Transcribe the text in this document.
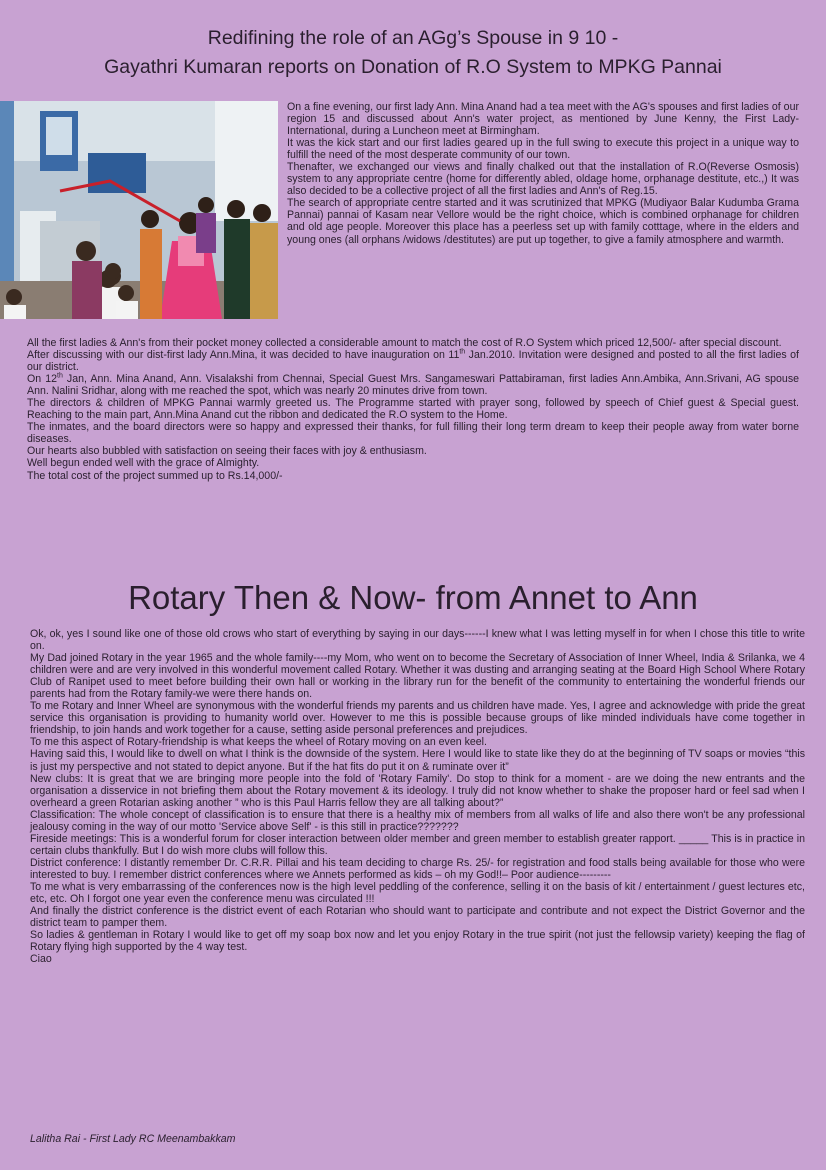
Redifining the role of an AGg’s Spouse in 9 10 -
Gayathri Kumaran reports on Donation of R.O System to MPKG Pannai

On a fine evening, our first lady Ann. Mina Anand had a tea meet with the AG's spouses and first ladies of our region 15 and discussed about Ann's water project, as mentioned by June Kenny, the First Lady-International, during a Luncheon meet at Birmingham.

It was the kick start and our first ladies geared up in the full swing to execute this project in a unique way to fulfill the need of the most desperate community of our town.

Thenafter, we exchanged our views and finally chalked out that the installation of R.O(Reverse Osmosis) system to any appropriate centre (home for differently abled, oldage home, orphanage destitute, etc.,) It was also decided to be a collective project of all the first ladies and Ann's of Reg.15.

The search of appropriate centre started and it was scrutinized that MPKG (Mudiyaor Balar Kudumba Grama Pannai) pannai of Kasam near Vellore would be the right choice, which is combined orphanage for children and old age people. Moreover this place has a peerless set up with family cotttage, where in the elders and young ones (all orphans /widows /destitutes) are put up together, to give a family atmosphere and warmth.

All the first ladies & Ann's from their pocket money collected a considerable amount to match the cost of R.O System which priced 12,500/- after special discount.

After discussing with our dist-first lady Ann.Mina, it was decided to have inauguration on 11th Jan.2010. Invitation were designed and posted to all the first ladies of our district.

On 12th Jan, Ann. Mina Anand, Ann. Visalakshi from Chennai, Special Guest Mrs. Sangameswari Pattabiraman, first ladies Ann.Ambika, Ann.Srivani, AG spouse Ann. Nalini Sridhar, along with me reached the spot, which was nearly 20 minutes drive from town.

The directors & children of MPKG Pannai warmly greeted us. The Programme started with prayer song, followed by speech of Chief guest & Special guest. Reaching to the main part, Ann.Mina Anand cut the ribbon and dedicated the R.O system to the Home.

The inmates, and the board directors were so happy and expressed their thanks, for full filling their long term dream to keep their people away from water borne diseases.

Our hearts also bubbled with satisfaction on seeing their faces with joy & enthusiasm.

Well begun ended well with the grace of Almighty.

The total cost of the project summed up to Rs.14,000/-

Rotary Then & Now- from Annet to Ann

Ok, ok, yes I sound like one of those old crows who start of everything by saying in our days------I knew what I was letting myself in for when I chose this title to write on.

My Dad joined Rotary in the year 1965 and the whole family----my Mom, who went on to become the Secretary of Association of Inner Wheel, India & Srilanka, we 4 children were and are very involved in this wonderful movement called Rotary. Whether it was dusting and arranging seating at the Board High School Where Rotary Club of Ranipet used to meet before building their own hall or working in the library run for the benefit of the community to entertaining the wonderful friends our parents had from the Rotary family-we were there hands on.

To me Rotary and Inner Wheel are synonymous with the wonderful friends my parents and us children have made. Yes, I agree and acknowledge with pride the great service this organisation is providing to humanity world over. However to me this is possible because groups of like minded individuals have come together in friendship, to join hands and work together for a cause, setting aside personal preferences and prejudices.

To me this aspect of Rotary-friendship is what keeps the wheel of Rotary moving on an even keel.

Having said this, I would like to dwell on what I think is the downside of the system. Here I would like to state like they do at the beginning of TV soaps or movies “this is just my perspective and not stated to depict anyone. But if the hat fits do put it on & ruminate over it”

New clubs: It is great that we are bringing more people into the fold of 'Rotary Family'. Do stop to think for a moment - are we doing the new entrants and the organisation a disservice in not briefing them about the Rotary movement & its ideology. I truly did not know whether to shake the proposer hard or feel sad when I overheard a green Rotarian asking another ” who is this Paul Harris fellow they are all talking about?”

Classification: The whole concept of classification is to ensure that there is a healthy mix of members from all walks of life and also there won't be any professional jealousy coming in the way of our motto 'Service above Self' - is this still in practice???????

Fireside meetings: This is a wonderful forum for closer interaction between older member and green member to establish greater rapport. _____ This is in practice in certain clubs thankfully. But I do wish more clubs will follow this.

District conference: I distantly remember Dr. C.R.R. Pillai and his team deciding to charge Rs. 25/- for registration and food stalls being available for those who were interested to buy. I remember district conferences where we Annets performed as kids – oh my God!!– Poor audience---------

To me what is very embarrassing of the conferences now is the high level peddling of the conference, selling it on the basis of kit / entertainment / guest lectures etc, etc, etc. Oh I forgot one year even the conference menu was circulated !!!

And finally the district conference is the district event of each Rotarian who should want to participate and contribute and not expect the District Governor and the district team to pamper them.

So ladies & gentleman in Rotary I would like to get off my soap box now and let you enjoy Rotary in the true spirit (not just the fellowsip variety) keeping the flag of Rotary flying high supported by the 4 way test.

Ciao

Lalitha Rai - First Lady RC Meenambakkam
